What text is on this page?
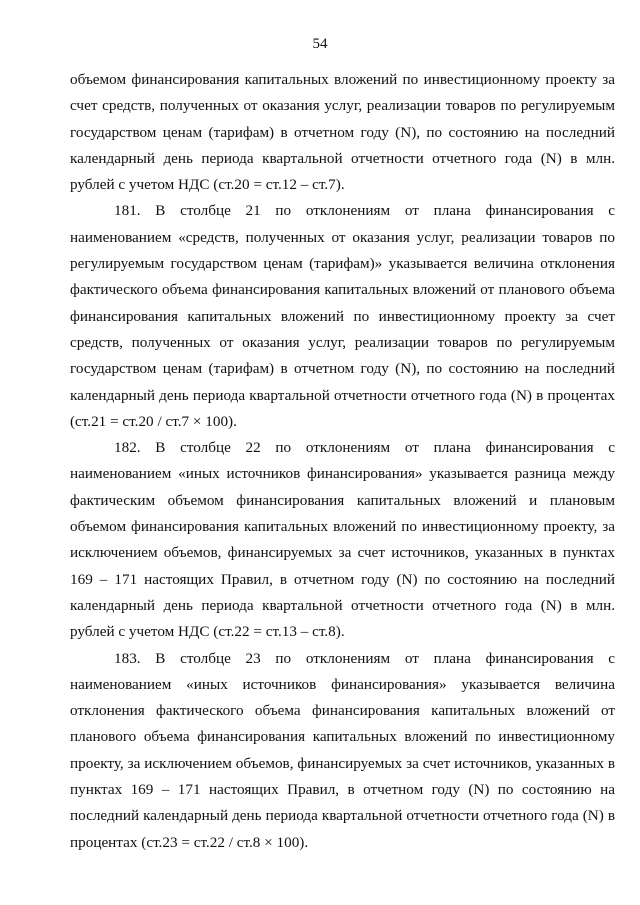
54

объемом финансирования капитальных вложений по инвестиционному проекту за счет средств, полученных от оказания услуг, реализации товаров по регулируемым государством ценам (тарифам) в отчетном году (N), по состоянию на последний календарный день периода квартальной отчетности отчетного года (N) в млн. рублей с учетом НДС (ст.20 = ст.12 – ст.7).

181. В столбце 21 по отклонениям от плана финансирования с наименованием «средств, полученных от оказания услуг, реализации товаров по регулируемым государством ценам (тарифам)» указывается величина отклонения фактического объема финансирования капитальных вложений от планового объема финансирования капитальных вложений по инвестиционному проекту за счет средств, полученных от оказания услуг, реализации товаров по регулируемым государством ценам (тарифам) в отчетном году (N), по состоянию на последний календарный день периода квартальной отчетности отчетного года (N) в процентах (ст.21 = ст.20 / ст.7 × 100).

182. В столбце 22 по отклонениям от плана финансирования с наименованием «иных источников финансирования» указывается разница между фактическим объемом финансирования капитальных вложений и плановым объемом финансирования капитальных вложений по инвестиционному проекту, за исключением объемов, финансируемых за счет источников, указанных в пунктах 169 – 171 настоящих Правил, в отчетном году (N) по состоянию на последний календарный день периода квартальной отчетности отчетного года (N) в млн. рублей с учетом НДС (ст.22 = ст.13 – ст.8).

183. В столбце 23 по отклонениям от плана финансирования с наименованием «иных источников финансирования» указывается величина отклонения фактического объема финансирования капитальных вложений от планового объема финансирования капитальных вложений по инвестиционному проекту, за исключением объемов, финансируемых за счет источников, указанных в пунктах 169 – 171 настоящих Правил, в отчетном году (N) по состоянию на последний календарный день периода квартальной отчетности отчетного года (N) в процентах (ст.23 = ст.22 / ст.8 × 100).
